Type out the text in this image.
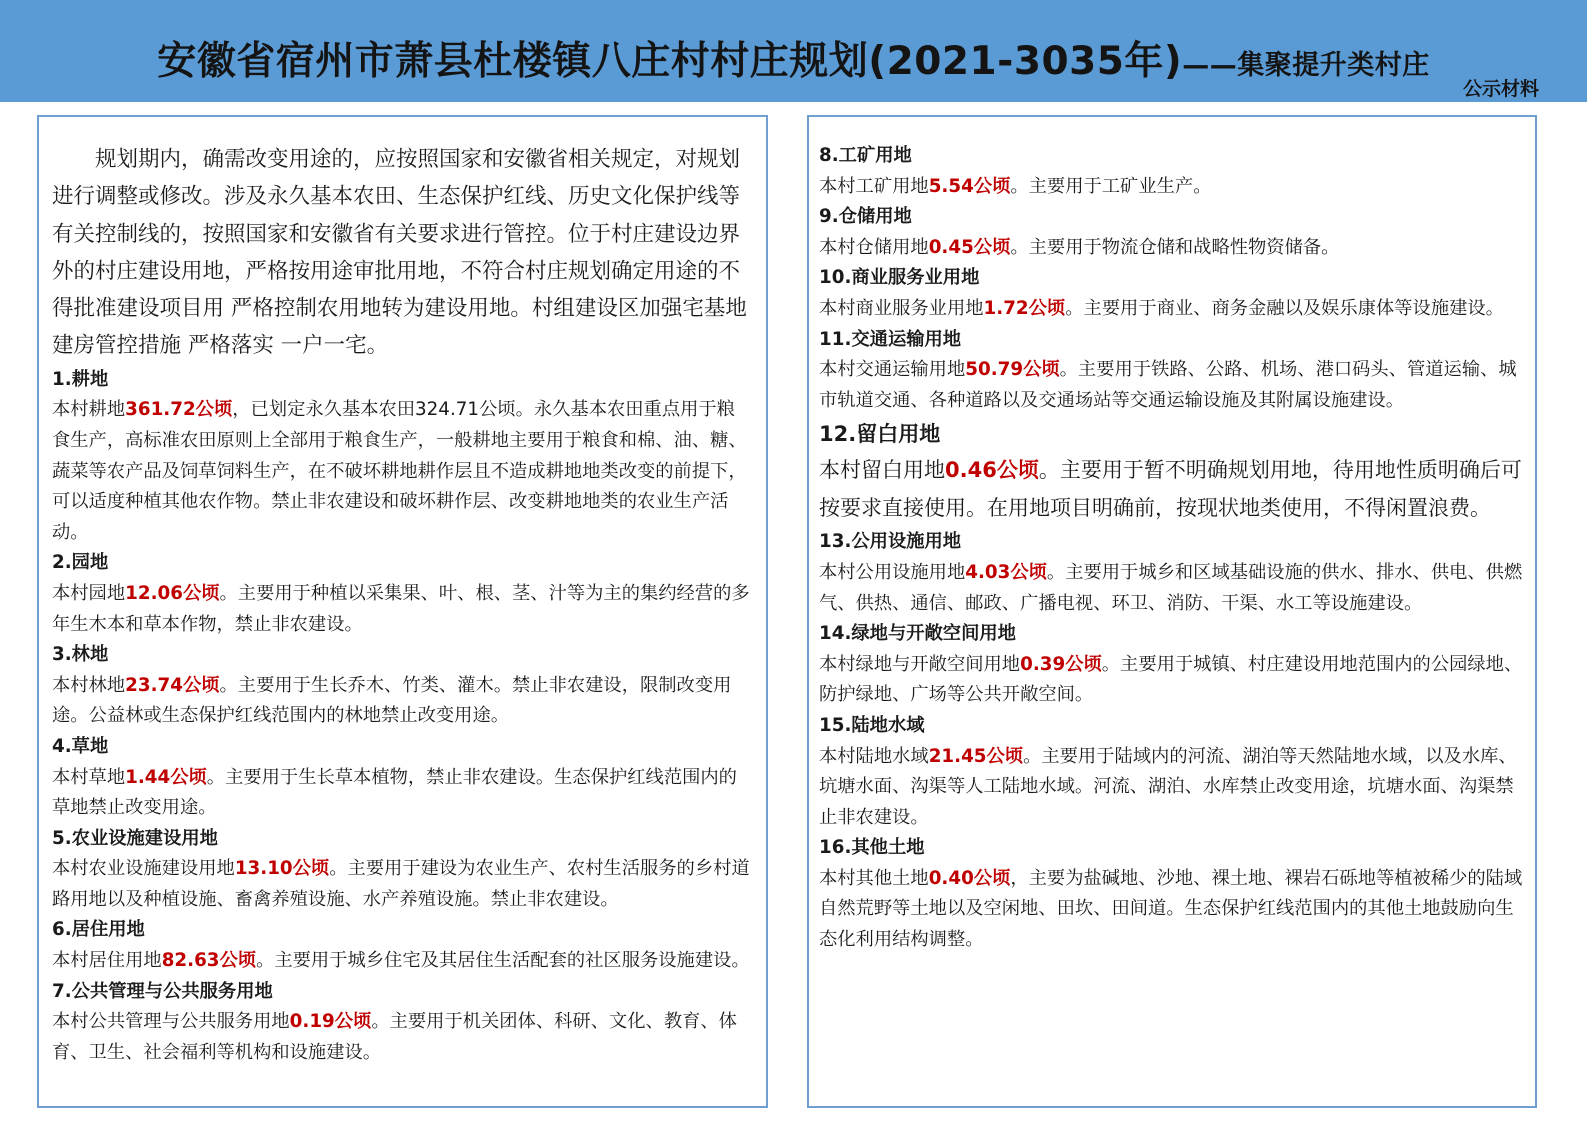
安徽省宿州市萧县杜楼镇八庄村村庄规划(2021-3035年)——集聚提升类村庄
公示材料
规划期内，确需改变用途的，应按照国家和安徽省相关规定，对规划进行调整或修改。涉及永久基本农田、生态保护红线、历史文化保护线等有关控制线的，按照国家和安徽省有关要求进行管控。位于村庄建设边界外的村庄建设用地，严格按用途审批用地，不符合村庄规划确定用途的不得批准建设项目用 严格控制农用地转为建设用地。村组建设区加强宅基地建房管控措施 严格落实 一户一宅。
1.耕地

本村耕地361.72公顷，已划定永久基本农田324.71公顷。永久基本农田重点用于粮食生产，高标准农田原则上全部用于粮食生产，一般耕地主要用于粮食和棉、油、糖、蔬菜等农产品及饲草饲料生产，在不破坏耕地耕作层且不造成耕地地类改变的前提下，可以适度种植其他农作物。禁止非农建设和破坏耕作层、改变耕地地类的农业生产活动。

2.园地

本村园地12.06公顷。主要用于种植以采集果、叶、根、茎、汁等为主的集约经营的多年生木本和草本作物，禁止非农建设。

3.林地

本村林地23.74公顷。主要用于生长乔木、竹类、灌木。禁止非农建设，限制改变用途。公益林或生态保护红线范围内的林地禁止改变用途。

4.草地

本村草地1.44公顷。主要用于生长草本植物，禁止非农建设。生态保护红线范围内的草地禁止改变用途。

5.农业设施建设用地

本村农业设施建设用地13.10公顷。主要用于建设为农业生产、农村生活服务的乡村道路用地以及种植设施、畜禽养殖设施、水产养殖设施。禁止非农建设。

6.居住用地

本村居住用地82.63公顷。主要用于城乡住宅及其居住生活配套的社区服务设施建设。

7.公共管理与公共服务用地

本村公共管理与公共服务用地0.19公顷。主要用于机关团体、科研、文化、教育、体育、卫生、社会福利等机构和设施建设。

8.工矿用地

本村工矿用地5.54公顷。主要用于工矿业生产。

9.仓储用地

本村仓储用地0.45公顷。主要用于物流仓储和战略性物资储备。

10.商业服务业用地

本村商业服务业用地1.72公顷。主要用于商业、商务金融以及娱乐康体等设施建设。

11.交通运输用地

本村交通运输用地50.79公顷。主要用于铁路、公路、机场、港口码头、管道运输、城市轨道交通、各种道路以及交通场站等交通运输设施及其附属设施建设。

12.留白用地

本村留白用地0.46公顷。主要用于暂不明确规划用地，待用地性质明确后可按要求直接使用。在用地项目明确前，按现状地类使用，不得闲置浪费。

13.公用设施用地

本村公用设施用地4.03公顷。主要用于城乡和区域基础设施的供水、排水、供电、供燃气、供热、通信、邮政、广播电视、环卫、消防、干渠、水工等设施建设。

14.绿地与开敞空间用地

本村绿地与开敞空间用地0.39公顷。主要用于城镇、村庄建设用地范围内的公园绿地、防护绿地、广场等公共开敞空间。

15.陆地水域

本村陆地水域21.45公顷。主要用于陆域内的河流、湖泊等天然陆地水域，以及水库、坑塘水面、沟渠等人工陆地水域。河流、湖泊、水库禁止改变用途，坑塘水面、沟渠禁止非农建设。

16.其他土地

本村其他土地0.40公顷，主要为盐碱地、沙地、裸土地、裸岩石砾地等植被稀少的陆域自然荒野等土地以及空闲地、田坎、田间道。生态保护红线范围内的其他土地鼓励向生态化利用结构调整。
